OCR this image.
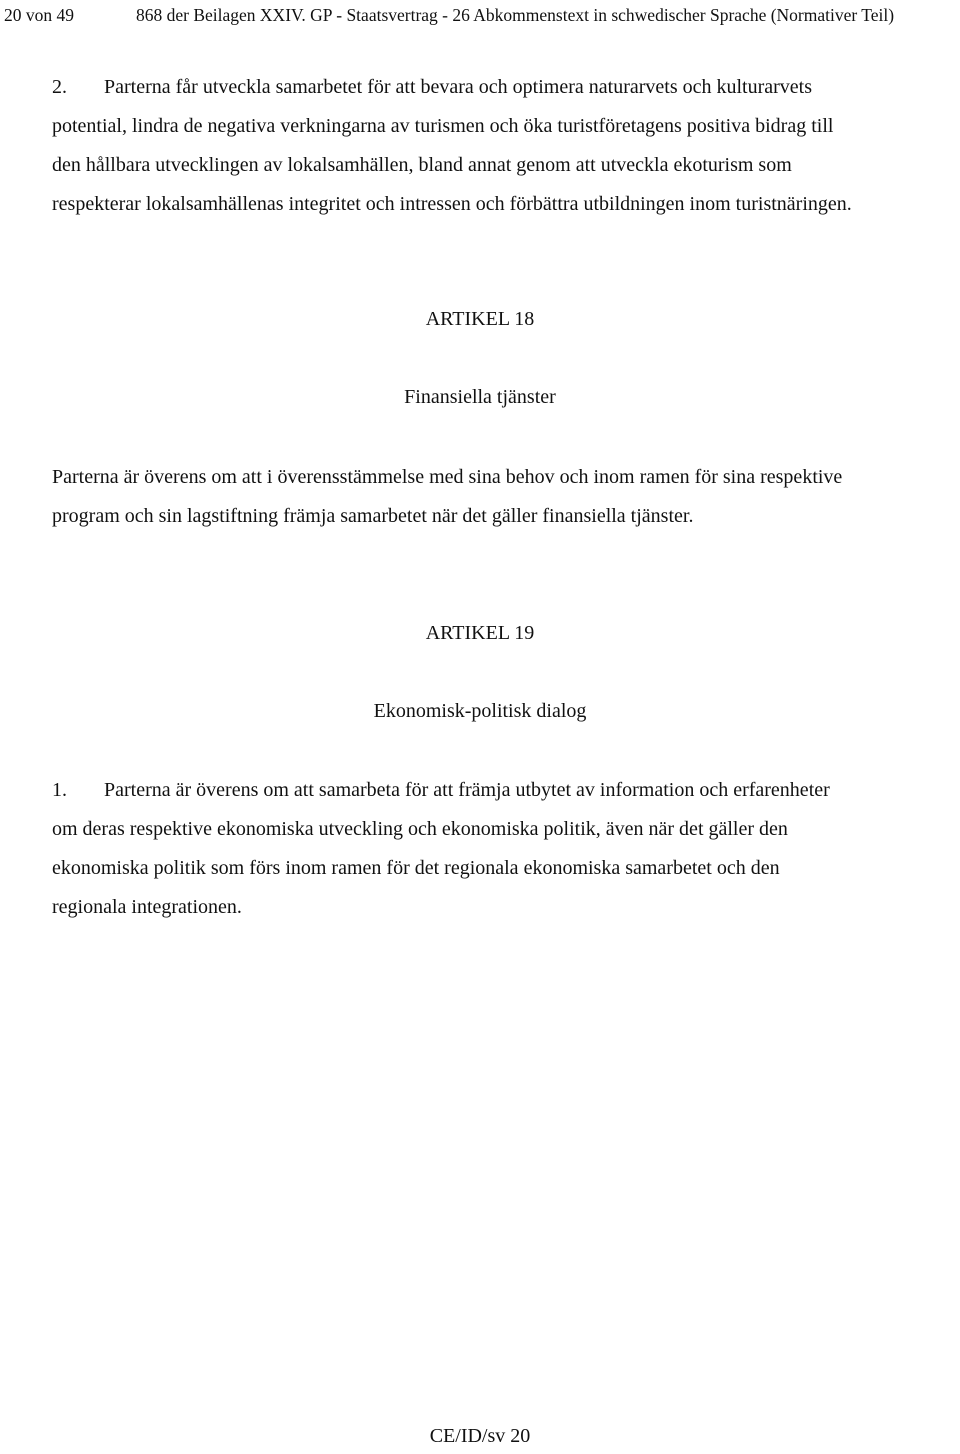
20 von 49	868 der Beilagen XXIV. GP - Staatsvertrag - 26 Abkommenstext in schwedischer Sprache (Normativer Teil)
2. Parterna får utveckla samarbetet för att bevara och optimera naturarvets och kulturarvets
potential, lindra de negativa verkningarna av turismen och öka turistföretagens positiva bidrag till
den hållbara utvecklingen av lokalsamhällen, bland annat genom att utveckla ekoturism som
respekterar lokalsamhällenas integritet och intressen och förbättra utbildningen inom turistnäringen.
ARTIKEL 18
Finansiella tjänster
Parterna är överens om att i överensstämmelse med sina behov och inom ramen för sina respektive
program och sin lagstiftning främja samarbetet när det gäller finansiella tjänster.
ARTIKEL 19
Ekonomisk-politisk dialog
1. Parterna är överens om att samarbeta för att främja utbytet av information och erfarenheter
om deras respektive ekonomiska utveckling och ekonomiska politik, även när det gäller den
ekonomiska politik som förs inom ramen för det regionala ekonomiska samarbetet och den
regionala integrationen.
CE/ID/sv 20
